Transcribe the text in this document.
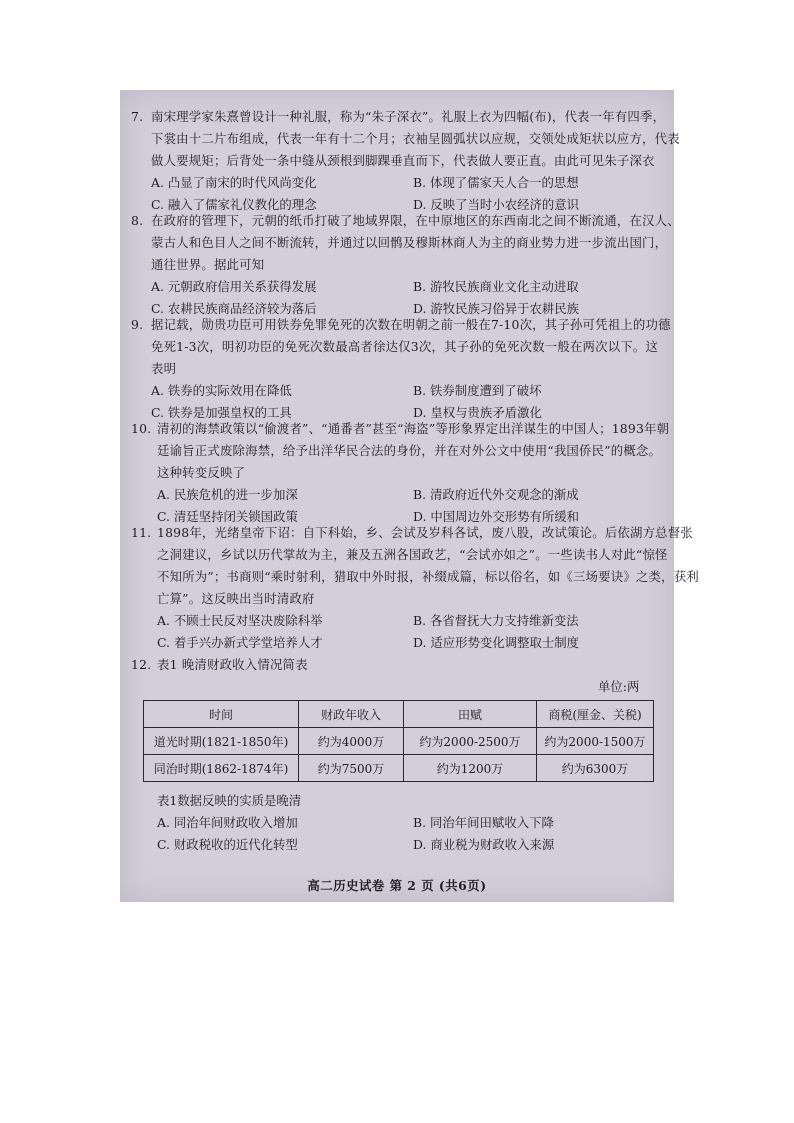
7. 南宋理学家朱熹曾设计一种礼服，称为“朱子深衣”。礼服上衣为四幅(布)，代表一年有四季，
下裳由十二片布组成，代表一年有十二个月；衣袖呈圆弧状以应规，交领处成矩状以应方，代表
做人要规矩；后背处一条中缝从颈根到脚踝垂直而下，代表做人要正直。由此可见朱子深衣
A. 凸显了南宋的时代风尚变化	B. 体现了儒家天人合一的思想
C. 融入了儒家礼仪教化的理念	D. 反映了当时小农经济的意识
8. 在政府的管理下，元朝的纸币打破了地域界限，在中原地区的东西南北之间不断流通，在汉人、
蒙古人和色目人之间不断流转，并通过以回鹘及穆斯林商人为主的商业势力进一步流出国门，
通往世界。据此可知
A. 元朝政府信用关系获得发展	B. 游牧民族商业文化主动进取
C. 农耕民族商品经济较为落后	D. 游牧民族习俗异于农耕民族
9. 据记载，勋贵功臣可用铁券免罪免死的次数在明朝之前一般在7-10次，其子孙可凭祖上的功德
免死1-3次，明初功臣的免死次数最高者徐达仅3次，其子孙的免死次数一般在两次以下。这
表明
A. 铁券的实际效用在降低	B. 铁券制度遭到了破坏
C. 铁券是加强皇权的工具	D. 皇权与贵族矛盾激化
10. 清初的海禁政策以“偷渡者”、“通番者”甚至“海盗”等形象界定出洋谋生的中国人；1893年朝
廷谕旨正式废除海禁，给予出洋华民合法的身份，并在对外公文中使用“我国侨民”的概念。
这种转变反映了
A. 民族危机的进一步加深	B. 清政府近代外交观念的渐成
C. 清廷坚持闭关锁国政策	D. 中国周边外交形势有所缓和
11. 1898年，光绪皇帝下诏：自下科始，乡、会试及岁科各试，废八股，改试策论。后依湖方总督张
之洞建议，乡试以历代掌故为主，兼及五洲各国政艺，“会试亦如之”。一些读书人对此“惊怪
不知所为”；书商则“乘时射利，猎取中外时报，补缀成篇，标以俗名，如《三场要诀》之类，获利
亡算”。这反映出当时清政府
A. 不顾士民反对坚决废除科举	B. 各省督抚大力支持维新变法
C. 着手兴办新式学堂培养人才	D. 适应形势变化调整取士制度
12. 表1 晚清财政收入情况简表
单位:两
时间	财政年收入	田赋	商税(厘金、关税)
道光时期(1821-1850年)	约为4000万	约为2000-2500万	约为2000-1500万
同治时期(1862-1874年)	约为7500万	约为1200万	约为6300万
表1数据反映的实质是晚清
A. 同治年间财政收入增加	B. 同治年间田赋收入下降
C. 财政税收的近代化转型	D. 商业税为财政收入来源
高二历史试卷 第 2 页 (共6页)
